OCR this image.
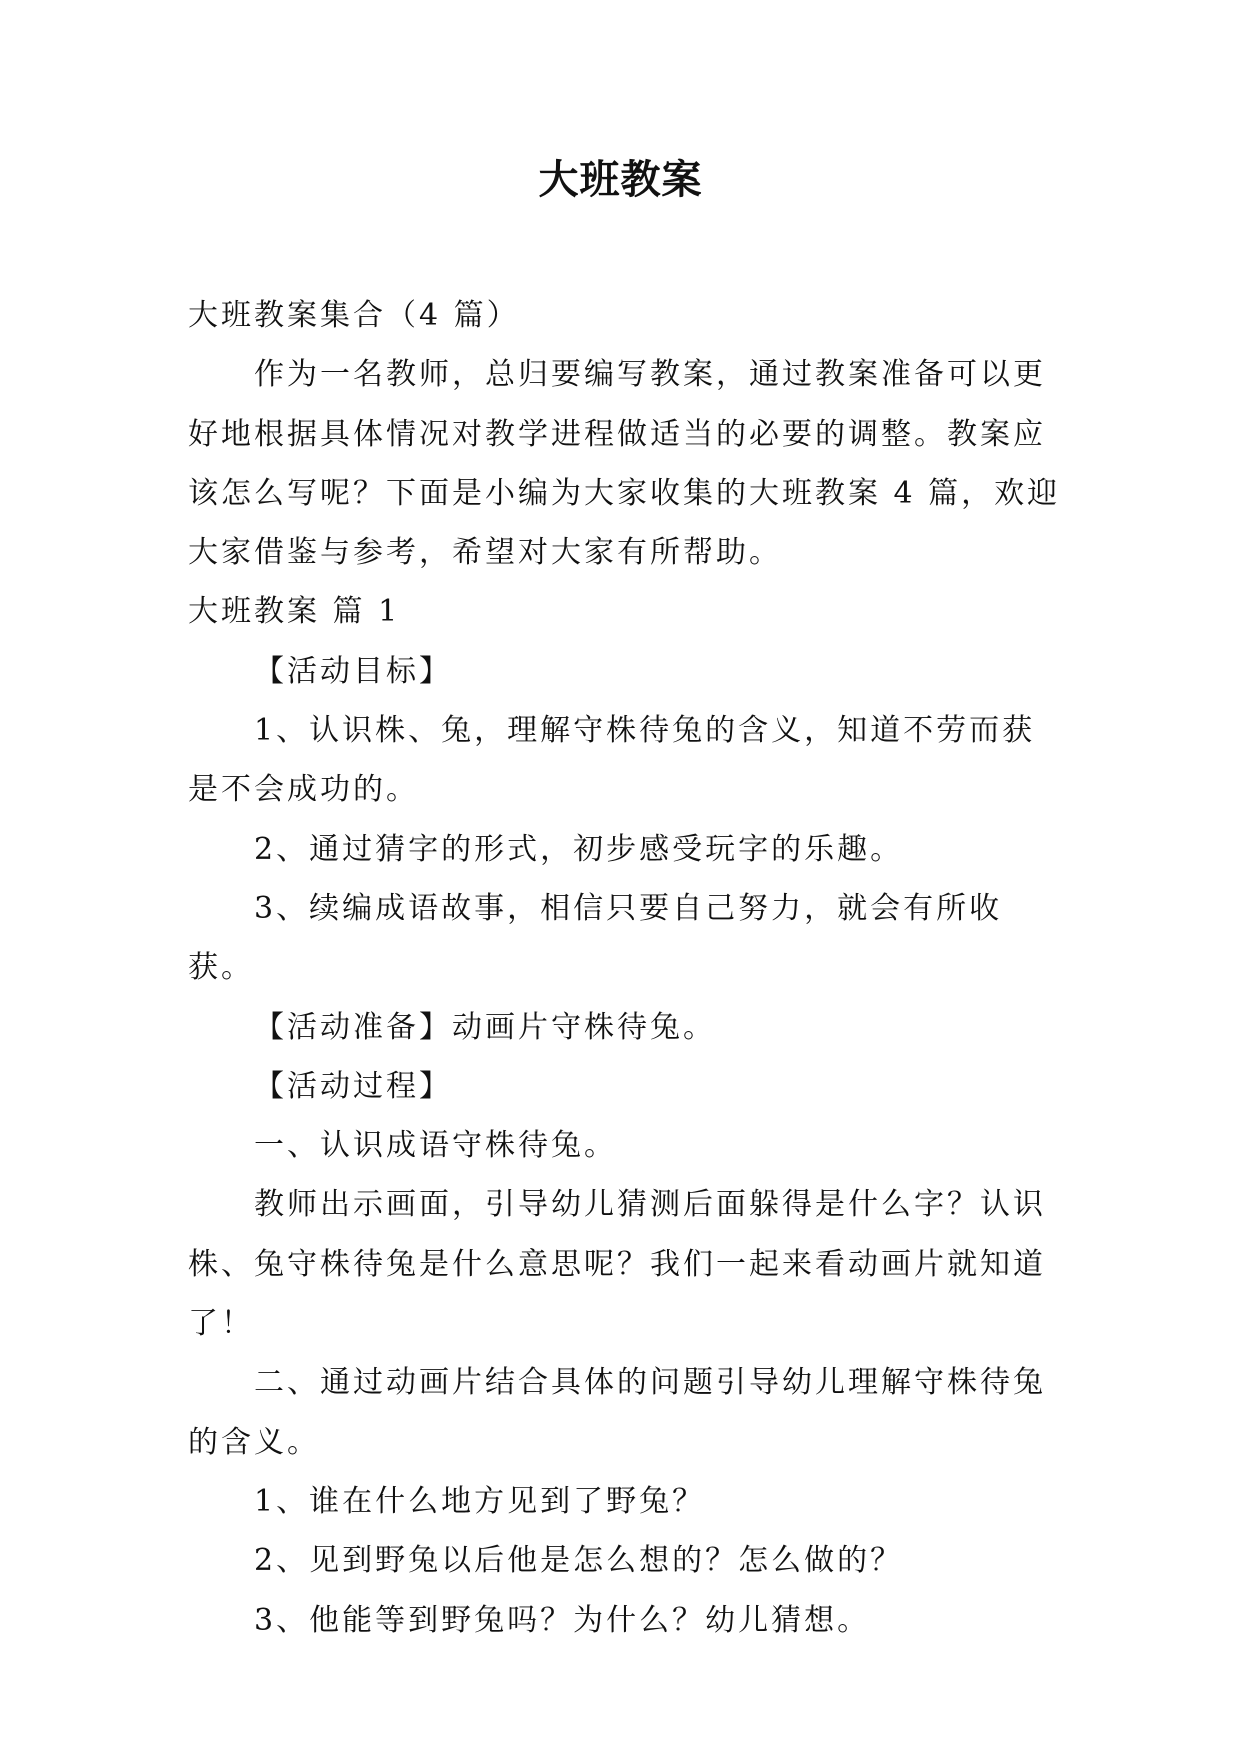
大班教案

大班教案集合（4 篇）

作为一名教师，总归要编写教案，通过教案准备可以更好地根据具体情况对教学进程做适当的必要的调整。教案应该怎么写呢？下面是小编为大家收集的大班教案 4 篇，欢迎大家借鉴与参考，希望对大家有所帮助。

大班教案 篇 1

【活动目标】

1、认识株、兔，理解守株待兔的含义，知道不劳而获是不会成功的。

2、通过猜字的形式，初步感受玩字的乐趣。

3、续编成语故事，相信只要自己努力，就会有所收获。

【活动准备】动画片守株待兔。

【活动过程】

一、认识成语守株待兔。

教师出示画面，引导幼儿猜测后面躲得是什么字？认识株、兔守株待兔是什么意思呢？我们一起来看动画片就知道了！

二、通过动画片结合具体的问题引导幼儿理解守株待兔的含义。

1、谁在什么地方见到了野兔？

2、见到野兔以后他是怎么想的？怎么做的？

3、他能等到野兔吗？为什么？幼儿猜想。
